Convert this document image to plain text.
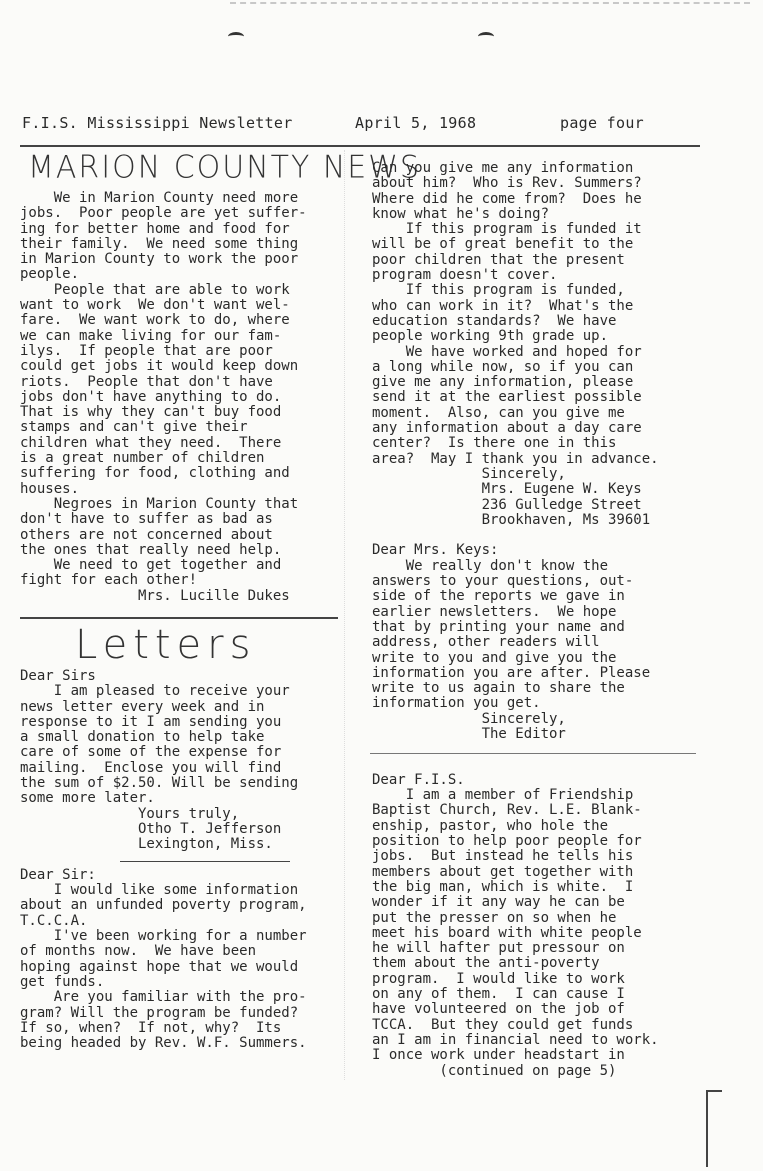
F.I.S. Mississippi Newsletter	April 5, 1968	page four
MARION COUNTY NEWS
We in Marion County need more
jobs.  Poor people are yet suffer-
ing for better home and food for
their family.  We need some thing
in Marion County to work the poor
people.
People that are able to work
want to work  We don't want wel-
fare.  We want work to do, where
we can make living for our fam-
ilys.  If people that are poor
could get jobs it would keep down
riots.  People that don't have
jobs don't have anything to do.
That is why they can't buy food
stamps and can't give their
children what they need.  There
is a great number of children
suffering for food, clothing and
houses.
Negroes in Marion County that
don't have to suffer as bad as
others are not concerned about
the ones that really need help.
We need to get together and
fight for each other!
Mrs. Lucille Dukes
Letters
Dear Sirs
I am pleased to receive your
news letter every week and in
response to it I am sending you
a small donation to help take
care of some of the expense for
mailing.  Enclose you will find
the sum of $2.50. Will be sending
some more later.
Yours truly,
Otho T. Jefferson
Lexington, Miss.

Dear Sir:
I would like some information
about an unfunded poverty program,
T.C.C.A.
I've been working for a number
of months now.  We have been
hoping against hope that we would
get funds.
Are you familiar with the pro-
gram? Will the program be funded?
If so, when?  If not, why?  Its
being headed by Rev. W.F. Summers.
Can you give me any information
about him?  Who is Rev. Summers?
Where did he come from?  Does he
know what he's doing?
If this program is funded it
will be of great benefit to the
poor children that the present
program doesn't cover.
If this program is funded,
who can work in it?  What's the
education standards?  We have
people working 9th grade up.
We have worked and hoped for
a long while now, so if you can
give me any information, please
send it at the earliest possible
moment.  Also, can you give me
any information about a day care
center?  Is there one in this
area?  May I thank you in advance.
Sincerely,
Mrs. Eugene W. Keys
236 Gulledge Street
Brookhaven, Ms 39601

Dear Mrs. Keys:
We really don't know the
answers to your questions, out-
side of the reports we gave in
earlier newsletters.  We hope
that by printing your name and
address, other readers will
write to you and give you the
information you are after. Please
write to us again to share the
information you get.
Sincerely,
The Editor

Dear F.I.S.
I am a member of Friendship
Baptist Church, Rev. L.E. Blank-
enship, pastor, who hole the
position to help poor people for
jobs.  But instead he tells his
members about get together with
the big man, which is white.  I
wonder if it any way he can be
put the presser on so when he
meet his board with white people
he will hafter put pressour on
them about the anti-poverty
program.  I would like to work
on any of them.  I can cause I
have volunteered on the job of
TCCA.  But they could get funds
an I am in financial need to work.
I once work under headstart in
(continued on page 5)
